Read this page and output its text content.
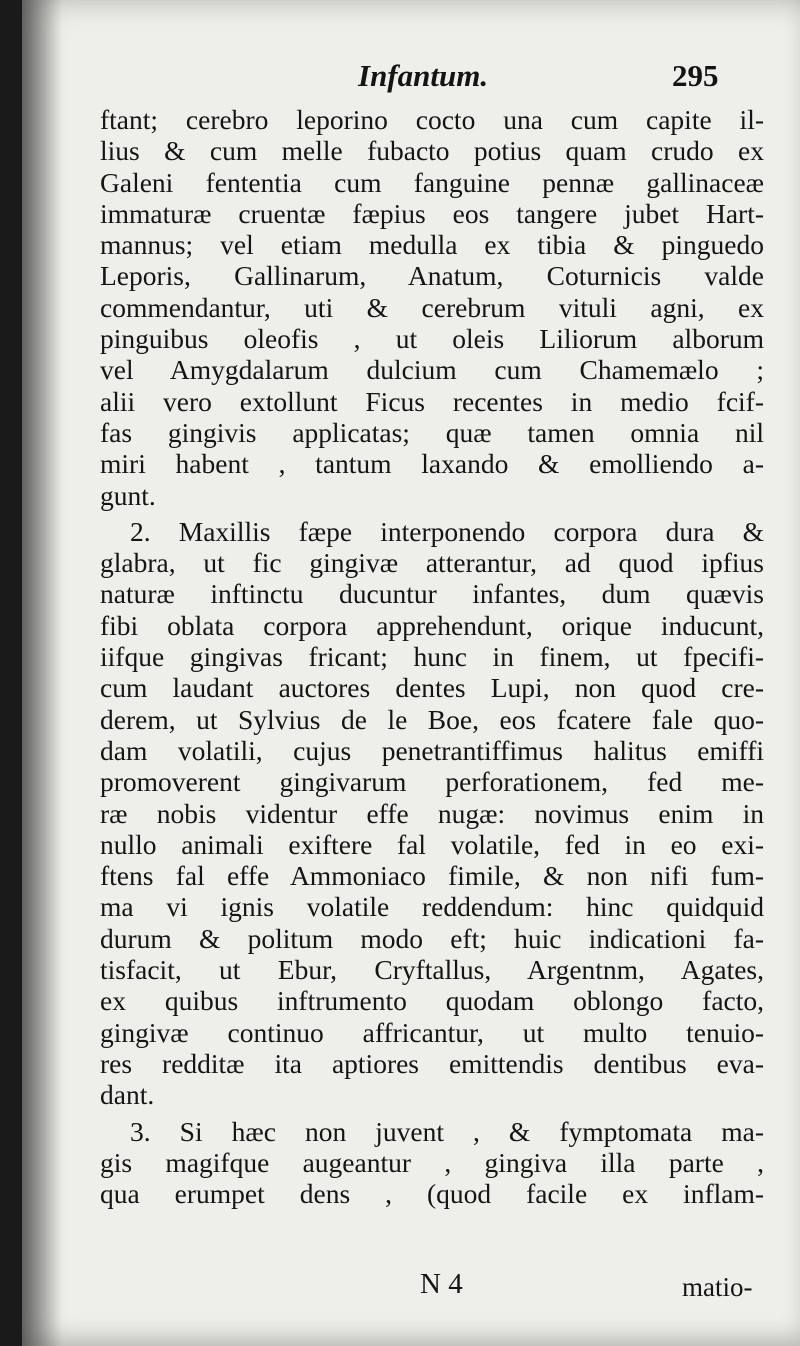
Infantum.	295
ftant; cerebro leporino cocto una cum capite il-
lius & cum melle fubacto potius quam crudo ex
Galeni fententia cum fanguine pennæ gallinaceæ
immaturæ cruentæ fæpius eos tangere jubet Hart-
mannus; vel etiam medulla ex tibia & pinguedo
Leporis, Gallinarum, Anatum, Coturnicis valde
commendantur, uti & cerebrum vituli agni, ex
pinguibus oleofis , ut oleis Liliorum alborum
vel Amygdalarum dulcium cum Chamemælo ;
alii vero extollunt Ficus recentes in medio fcif-
fas gingivis applicatas; quæ tamen omnia nil
miri habent , tantum laxando & emolliendo a-
gunt.
2. Maxillis fæpe interponendo corpora dura &
glabra, ut fic gingivæ atterantur, ad quod ipfius
naturæ inftinctu ducuntur infantes, dum quævis
fibi oblata corpora apprehendunt, orique inducunt,
iifque gingivas fricant; hunc in finem, ut fpecifi-
cum laudant auctores dentes Lupi, non quod cre-
derem, ut Sylvius de le Boe, eos fcatere fale quo-
dam volatili, cujus penetrantiffimus halitus emiffi
promoverent gingivarum perforationem, fed me-
ræ nobis videntur effe nugæ: novimus enim in
nullo animali exiftere fal volatile, fed in eo exi-
ftens fal effe Ammoniaco fimile, & non nifi fum-
ma vi ignis volatile reddendum: hinc quidquid
durum & politum modo eft; huic indicationi fa-
tisfacit, ut Ebur, Cryftallus, Argentnm, Agates,
ex quibus inftrumento quodam oblongo facto,
gingivæ continuo affricantur, ut multo tenuio-
res redditæ ita aptiores emittendis dentibus eva-
dant.
3. Si hæc non juvent , & fymptomata ma-
gis magifque augeantur , gingiva illa parte ,
qua erumpet dens , (quod facile ex inflam-
N 4	matio-
